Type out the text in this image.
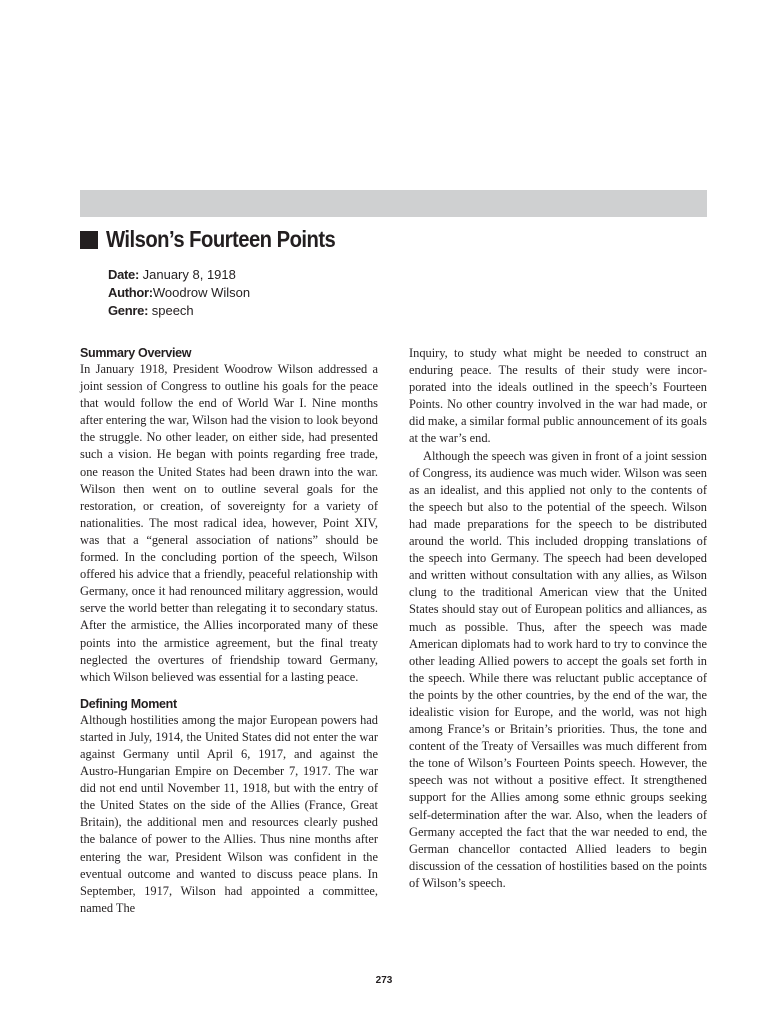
Wilson’s Fourteen Points
Date: January 8, 1918
Author:Woodrow Wilson
Genre: speech
Summary Overview

In January 1918, President Woodrow Wilson addressed a joint session of Congress to outline his goals for the peace that would follow the end of World War I. Nine months after entering the war, Wilson had the vision to look beyond the struggle. No other leader, on either side, had presented such a vision. He began with points regarding free trade, one reason the United States had been drawn into the war. Wilson then went on to outline several goals for the restoration, or creation, of sovereignty for a variety of nationalities. The most radical idea, however, Point XIV, was that a “general association of nations” should be formed. In the concluding portion of the speech, Wilson offered his advice that a friendly, peaceful relationship with Germany, once it had renounced military aggression, would serve the world better than relegating it to secondary status. After the armistice, the Allies incorporated many of these points into the armistice agreement, but the final treaty neglected the overtures of friendship toward Germany, which Wilson believed was essential for a lasting peace.

Defining Moment

Although hostilities among the major European powers had started in July, 1914, the United States did not enter the war against Germany until April 6, 1917, and against the Austro-Hungarian Empire on December 7, 1917. The war did not end until November 11, 1918, but with the entry of the United States on the side of the Allies (France, Great Britain), the additional men and resources clearly pushed the balance of power to the Allies. Thus nine months after entering the war, President Wilson was confident in the eventual outcome and wanted to discuss peace plans. In September, 1917, Wilson had appointed a committee, named The

Inquiry, to study what might be needed to construct an enduring peace. The results of their study were incorporated into the ideals outlined in the speech’s Fourteen Points. No other country involved in the war had made, or did make, a similar formal public announcement of its goals at the war’s end.

Although the speech was given in front of a joint session of Congress, its audience was much wider. Wilson was seen as an idealist, and this applied not only to the contents of the speech but also to the potential of the speech. Wilson had made preparations for the speech to be distributed around the world. This included dropping translations of the speech into Germany. The speech had been developed and written without consultation with any allies, as Wilson clung to the traditional American view that the United States should stay out of European politics and alliances, as much as possible. Thus, after the speech was made American diplomats had to work hard to try to convince the other leading Allied powers to accept the goals set forth in the speech. While there was reluctant public acceptance of the points by the other countries, by the end of the war, the idealistic vision for Europe, and the world, was not high among France’s or Britain’s priorities. Thus, the tone and content of the Treaty of Versailles was much different from the tone of Wilson’s Fourteen Points speech. However, the speech was not without a positive effect. It strengthened support for the Allies among some ethnic groups seeking self-determination after the war. Also, when the leaders of Germany accepted the fact that the war needed to end, the German chancellor contacted Allied leaders to begin discussion of the cessation of hostilities based on the points of Wilson’s speech.

273
